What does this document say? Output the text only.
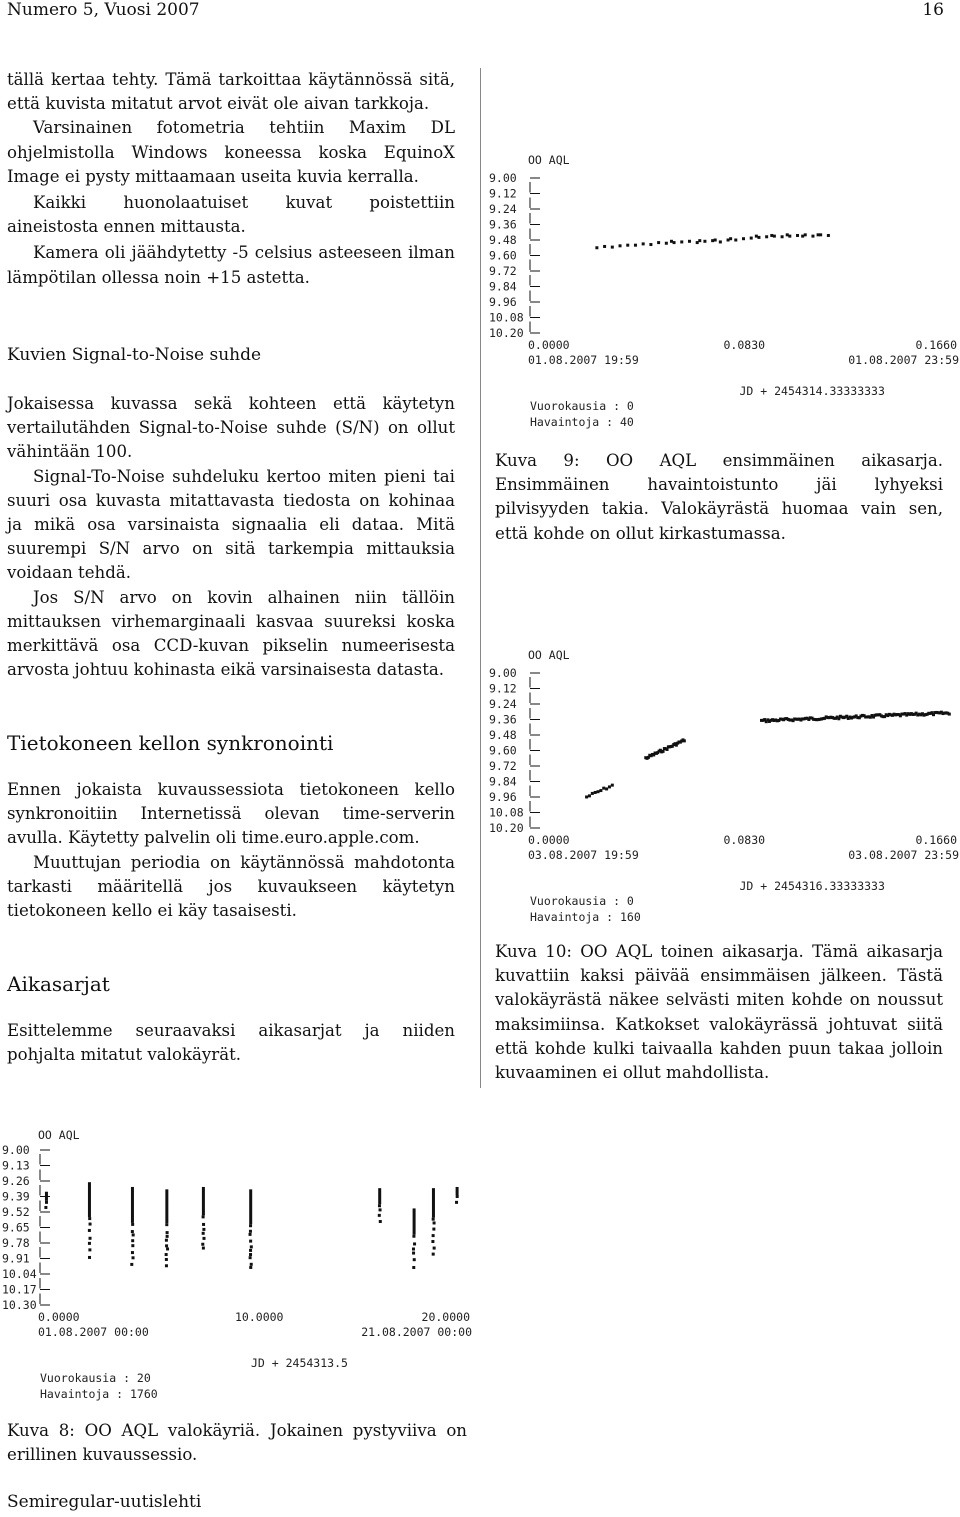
Numero 5, Vuosi 2007	16

tällä kertaa tehty. Tämä tarkoittaa käytännössä sitä, että kuvista mitatut arvot eivät ole aivan tarkkoja.

Varsinainen fotometria tehtiin Maxim DL ohjelmistolla Windows koneessa koska EquinoX Image ei pysty mittaamaan useita kuvia kerralla.

Kaikki huonolaatuiset kuvat poistettiin aineistosta ennen mittausta.

Kamera oli jäähdytetty -5 celsius asteeseen ilman lämpötilan ollessa noin +15 astetta.

Kuvien Signal-to-Noise suhde

Jokaisessa kuvassa sekä kohteen että käytetyn vertailutähden Signal-to-Noise suhde (S/N) on ollut vähintään 100.

Signal-To-Noise suhdeluku kertoo miten pieni tai suuri osa kuvasta mitattavasta tiedosta on kohinaa ja mikä osa varsinaista signaalia eli dataa. Mitä suurempi S/N arvo on sitä tarkempia mittauksia voidaan tehdä.

Jos S/N arvo on kovin alhainen niin tällöin mittauksen virhemarginaali kasvaa suureksi koska merkittävä osa CCD-kuvan pikselin numeerisesta arvosta johtuu kohinasta eikä varsinaisesta datasta.

Tietokoneen kellon synkronointi

Ennen jokaista kuvaussessiota tietokoneen kello synkronoitiin Internetissä olevan time-serverin avulla. Käytetty palvelin oli time.euro.apple.com.

Muuttujan periodia on käytännössä mahdotonta tarkasti määritellä jos kuvaukseen käytetyn tietokoneen kello ei käy tasaisesti.

Aikasarjat

Esittelemme seuraavaksi aikasarjat ja niiden pohjalta mitatut valokäyrät.

OO AQL
9.00
9.12
9.24
9.36
9.48
9.60
9.72
9.84
9.96
10.08
10.20
0.0000	0.0830	0.1660
01.08.2007 19:59	01.08.2007 23:59
JD + 2454314.33333333
Vuorokausia : 0
Havaintoja : 40
OO AQL
9.00
9.12
9.24
9.36
9.48
9.60
9.72
9.84
9.96
10.08
10.20
0.0000	0.0830	0.1660
03.08.2007 19:59	03.08.2007 23:59
JD + 2454316.33333333
Vuorokausia : 0
Havaintoja : 160
OO AQL
9.00
9.13
9.26
9.39
9.52
9.65
9.78
9.91
10.04
10.17
10.30
0.0000	10.0000	20.0000
01.08.2007 00:00	21.08.2007 00:00
JD + 2454313.5
Vuorokausia : 20
Havaintoja : 1760
Kuva 9: OO AQL ensimmäinen aikasarja. Ensimmäinen havaintoistunto jäi lyhyeksi pilvisyyden takia. Valokäyrästä huomaa vain sen, että kohde on ollut kirkastumassa.
Kuva 10: OO AQL toinen aikasarja. Tämä aikasarja kuvattiin kaksi päivää ensimmäisen jälkeen. Tästä valokäyrästä näkee selvästi miten kohde on noussut maksimiinsa. Katkokset valokäyrässä johtuvat siitä että kohde kulki taivaalla kahden puun takaa jolloin kuvaaminen ei ollut mahdollista.
Kuva 8: OO AQL valokäyriä. Jokainen pystyviiva on erillinen kuvaussessio.
Semiregular-uutislehti
